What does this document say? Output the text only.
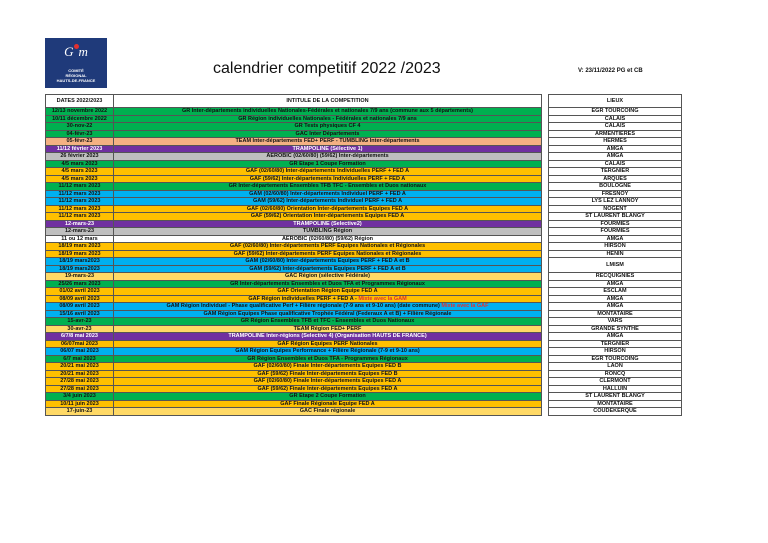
G m
COMITÉ
RÉGIONAL
HAUTS-DE-FRANCE
calendrier competitif 2022 /2023	V: 23/11/2022 PG et CB
DATES 2022/2023	INTITULE DE LA COMPETITION		LIEUX
12/13 novembre 2022	GR Inter-départements individuelles Nationales-Fédérales et nationales 7/9 ans (commune aux 5 départements)		EGR TOURCOING
10/11 décembre 2022	GR Région individuelles Nationales - Fédérales et nationales 7/9 ans		CALAIS
30-nov-22	GR Tests physiques CF 4		CALAIS
04-févr-23	GAC Inter Départements		ARMENTIERES
05-févr-23	TEAM Inter-départements FED+ PERF - TUMBLING Inter-départements		HERMES
11/12 février 2023	TRAMPOLINE (Sélective 1)		AMGA
26 février 2023	AEROBIC (02/60/80) (59/62) Inter-départements		AMGA
4/5 mars 2023	GR Etape 1 Coupe Formation		CALAIS
4/5 mars 2023	GAF (02/60/80) Inter-départements Individuelles PERF + FED A		TERGNIER
4/5 mars 2023	GAF (59/62) Inter-départements Individuelles PERF + FED A		ARQUES
11/12 mars 2023	GR Inter-départements Ensembles TFB TFC - Ensembles et Duos nationaux		BOULOGNE
11/12 mars 2023	GAM (02/60/80) Inter-départements Individuel PERF + FED A		FRESNOY
11/12 mars 2023	GAM (59/62) Inter-départements Individuel PERF + FED A		LYS LEZ LANNOY
11/12 mars 2023	GAF (02/60/80) Orientation Inter-départements Equipes FED A		NOGENT
11/12 mars 2023	GAF (59/62) Orientation Inter-départements Equipes FED A		ST LAURENT BLANGY
12-mars-23	TRAMPOLINE (Selective2)		FOURMIES
12-mars-23	TUMBLING Région		FOURMIES
11 ou 12 mars	AEROBIC (02/60/80) (59/62) Région		AMGA
18/19 mars 2023	GAF (02/60/80) Inter-départements PERF Equipes Nationales et Régionales		HIRSON
18/19 mars 2023	GAF (59/62) Inter-départements PERF Equipes Nationales et Régionales		HENIN
18/19 mars2023	GAM (02/60/80) Inter-départements Equipes PERF + FED A et B		LMISM
18/19 mars2023	GAM (59/62) Inter-départements Equipes PERF + FED A et B		
19-mars-23	GAC Région (sélective Fédérale)		RECQUIGNIES
25/26 mars 2023	GR Inter-départements Ensembles et Duos TFA et Programmes Régionaux		AMGA
01/02 avril 2023	GAF Orientation Région Equipe FED A		ESCLAM
08/09 avril 2023	GAF Région individuelles PERF + FED A - Mixte avec la GAM		AMGA
08/09 avril 2023	GAM Région Individuel - Phase qualificative Perf + Filière régionale (7-9 ans et 9-10 ans) (date commune) Mixte avec la GAF		AMGA
15/16 avril 2023	GAM Région Equipes Phase qualificative Trophée Fédéral (Federaux A et B) + Filière Régionale		MONTATAIRE
15-avr-23	GR Région Ensembles TFB et TFC - Ensembles et Duos Nationaux		VARS
30-avr-23	TEAM Région FED+ PERF		GRANDE SYNTHE
6/7/8 mai 2023	TRAMPOLINE Inter-régions (Selective 4) (Organisation HAUTS DE FRANCE)		AMGA
06/07mai 2023	GAF Région Equipes PERF Nationales		TERGNIER
06/07 mai 2023	GAM Région Equipes Performance + Filière Régionale (7-9 et 9-10 ans)		HIRSON
6/7 mai 2023	GR Région Ensembles et Duos TFA - Programmes Régionaux		EGR TOURCOING
20/21 mai 2023	GAF (02/60/80) Finale Inter-départements Equipes FED B		LAON
20/21 mai 2023	GAF (59/62) Finale Inter-départements Equipes FED B		RONCQ
27/28 mai 2023	GAF (02/60/80) Finale Inter-départements Equipes FED A		CLERMONT
27/28 mai 2023	GAF (59/62) Finale Inter-départements Equipes FED A		HALLUIN
3/4 juin 2023	GR Etape 2 Coupe Formation		ST LAURENT BLANGY
10/11 juin 2023	GAF Finale Régionale Equipe FED A		MONTATAIRE
17-juin-23	GAC Finale régionale		COUDEKERQUE
